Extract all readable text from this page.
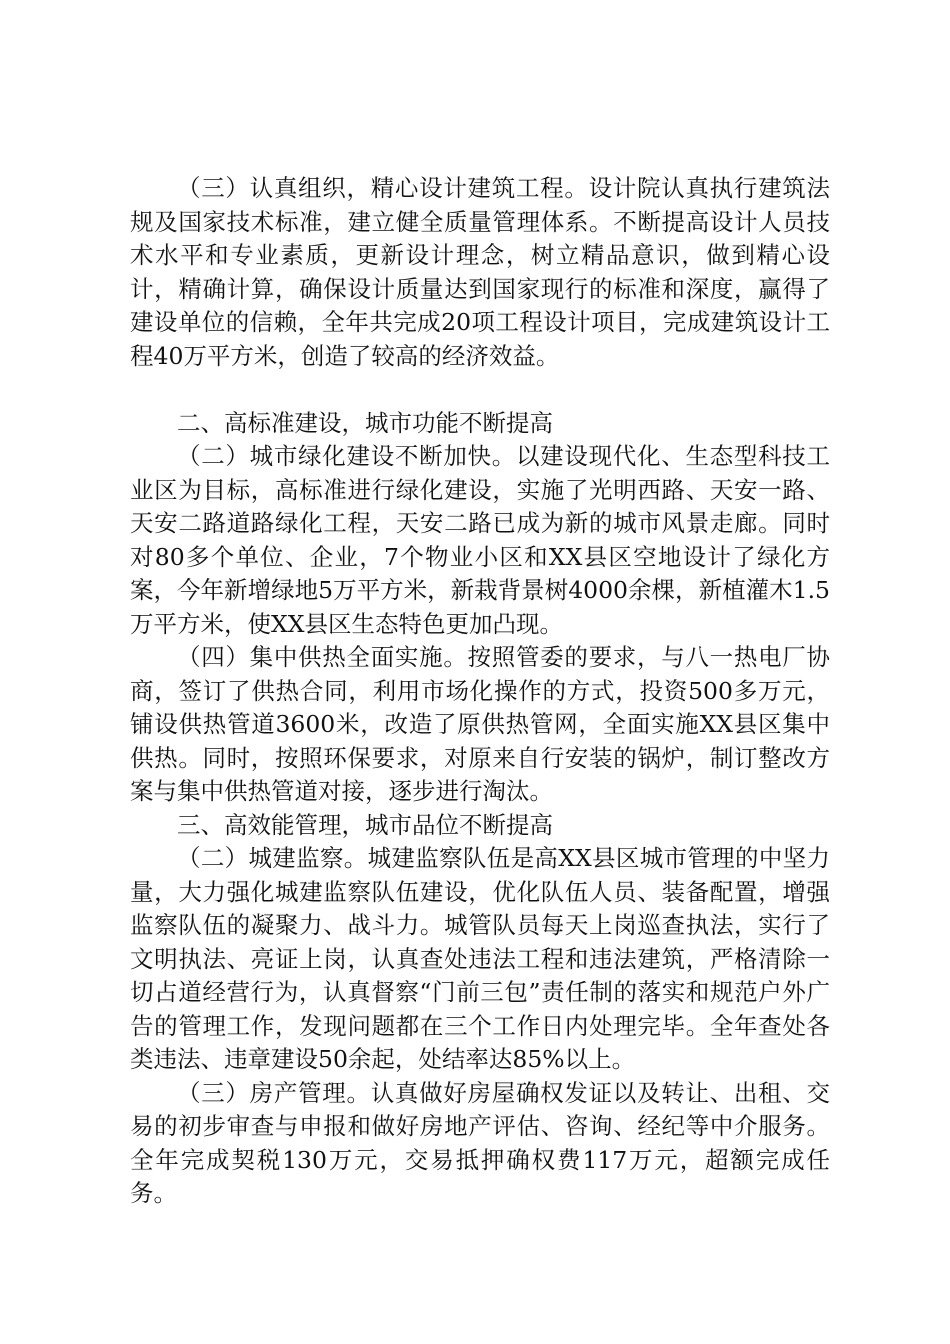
（三）认真组织，精心设计建筑工程。设计院认真执行建筑法规及国家技术标准，建立健全质量管理体系。不断提高设计人员技术水平和专业素质，更新设计理念，树立精品意识，做到精心设计，精确计算，确保设计质量达到国家现行的标准和深度，赢得了建设单位的信赖，全年共完成20项工程设计项目，完成建筑设计工程40万平方米，创造了较高的经济效益。

二、高标准建设，城市功能不断提高

（二）城市绿化建设不断加快。以建设现代化、生态型科技工业区为目标，高标准进行绿化建设，实施了光明西路、天安一路、天安二路道路绿化工程，天安二路已成为新的城市风景走廊。同时对80多个单位、企业，7个物业小区和XX县区空地设计了绿化方案，今年新增绿地5万平方米，新栽背景树4000余棵，新植灌木1.5万平方米，使XX县区生态特色更加凸现。

（四）集中供热全面实施。按照管委的要求，与八一热电厂协商，签订了供热合同，利用市场化操作的方式，投资500多万元，铺设供热管道3600米，改造了原供热管网，全面实施XX县区集中供热。同时，按照环保要求，对原来自行安装的锅炉，制订整改方案与集中供热管道对接，逐步进行淘汰。

三、高效能管理，城市品位不断提高

（二）城建监察。城建监察队伍是高XX县区城市管理的中坚力量，大力强化城建监察队伍建设，优化队伍人员、装备配置，增强监察队伍的凝聚力、战斗力。城管队员每天上岗巡查执法，实行了文明执法、亮证上岗，认真查处违法工程和违法建筑，严格清除一切占道经营行为，认真督察“门前三包”责任制的落实和规范户外广告的管理工作，发现问题都在三个工作日内处理完毕。全年查处各类违法、违章建设50余起，处结率达85%以上。

（三）房产管理。认真做好房屋确权发证以及转让、出租、交易的初步审查与申报和做好房地产评估、咨询、经纪等中介服务。全年完成契税130万元，交易抵押确权费117万元，超额完成任务。
